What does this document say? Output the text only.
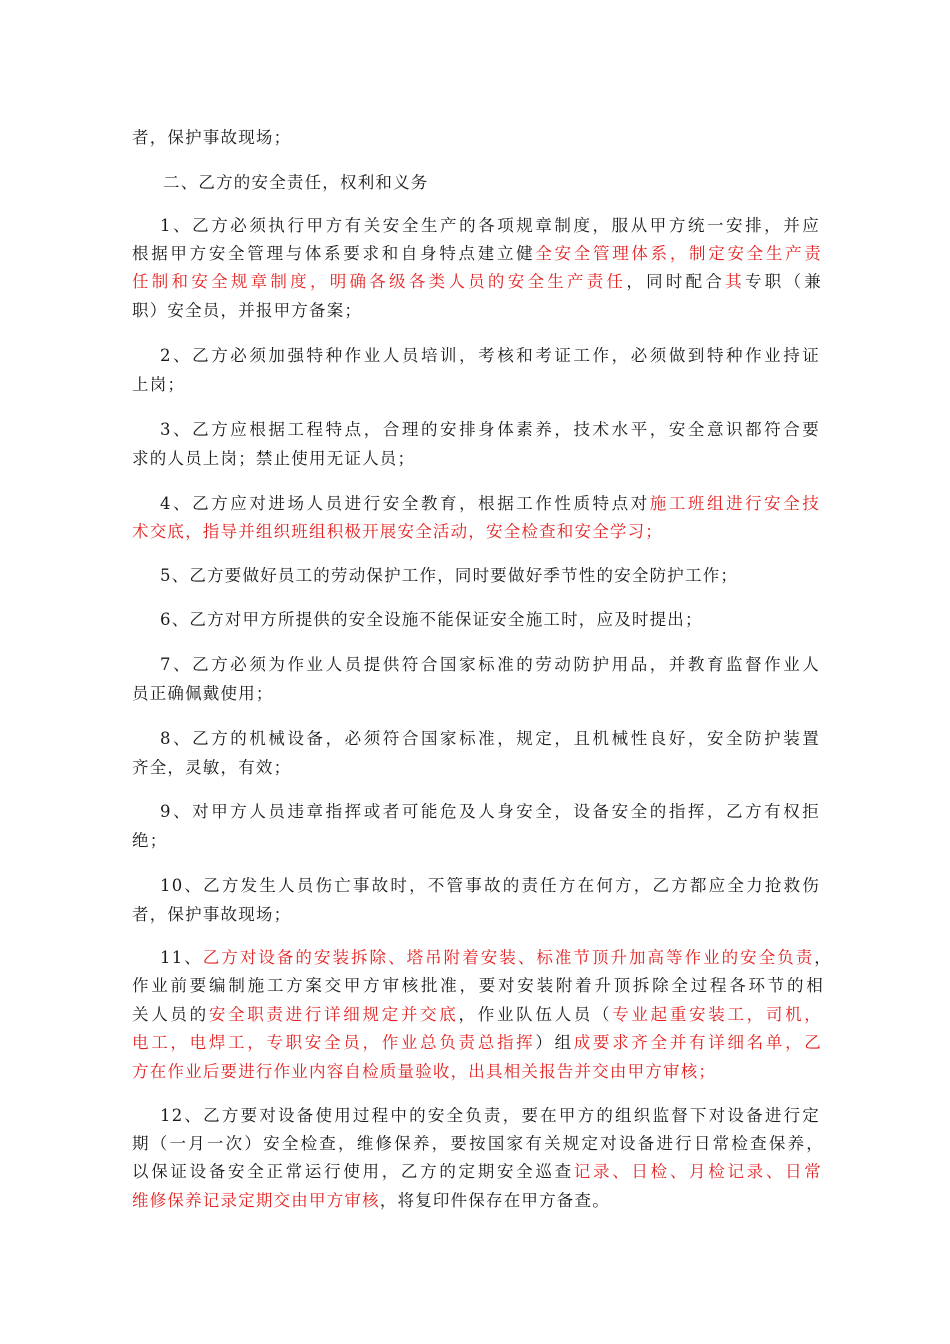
者，保护事故现场；
二、乙方的安全责任，权利和义务
1、乙方必须执行甲方有关安全生产的各项规章制度，服从甲方统一安排，并应
根据甲方安全管理与体系要求和自身特点建立健全安全管理体系，制定安全生产责
任制和安全规章制度，明确各级各类人员的安全生产责任，同时配合其专职（兼
职）安全员，并报甲方备案；
2、乙方必须加强特种作业人员培训，考核和考证工作，必须做到特种作业持证
上岗；
3、乙方应根据工程特点，合理的安排身体素养，技术水平，安全意识都符合要
求的人员上岗；禁止使用无证人员；
4、乙方应对进场人员进行安全教育，根据工作性质特点对施工班组进行安全技
术交底，指导并组织班组积极开展安全活动，安全检查和安全学习；
5、乙方要做好员工的劳动保护工作，同时要做好季节性的安全防护工作；
6、乙方对甲方所提供的安全设施不能保证安全施工时，应及时提出；
7、乙方必须为作业人员提供符合国家标准的劳动防护用品，并教育监督作业人
员正确佩戴使用；
8、乙方的机械设备，必须符合国家标准，规定，且机械性良好，安全防护装置
齐全，灵敏，有效；
9、对甲方人员违章指挥或者可能危及人身安全，设备安全的指挥，乙方有权拒
绝；
10、乙方发生人员伤亡事故时，不管事故的责任方在何方，乙方都应全力抢救伤
者，保护事故现场；
11、乙方对设备的安装拆除、塔吊附着安装、标准节顶升加高等作业的安全负责，
作业前要编制施工方案交甲方审核批准，要对安装附着升顶拆除全过程各环节的相
关人员的安全职责进行详细规定并交底，作业队伍人员（专业起重安装工，司机，
电工，电焊工，专职安全员，作业总负责总指挥）组成要求齐全并有详细名单，乙
方在作业后要进行作业内容自检质量验收，出具相关报告并交由甲方审核；
12、乙方要对设备使用过程中的安全负责，要在甲方的组织监督下对设备进行定
期（一月一次）安全检查，维修保养，要按国家有关规定对设备进行日常检查保养，
以保证设备安全正常运行使用，乙方的定期安全巡查记录、日检、月检记录、日常
维修保养记录定期交由甲方审核，将复印件保存在甲方备查。
